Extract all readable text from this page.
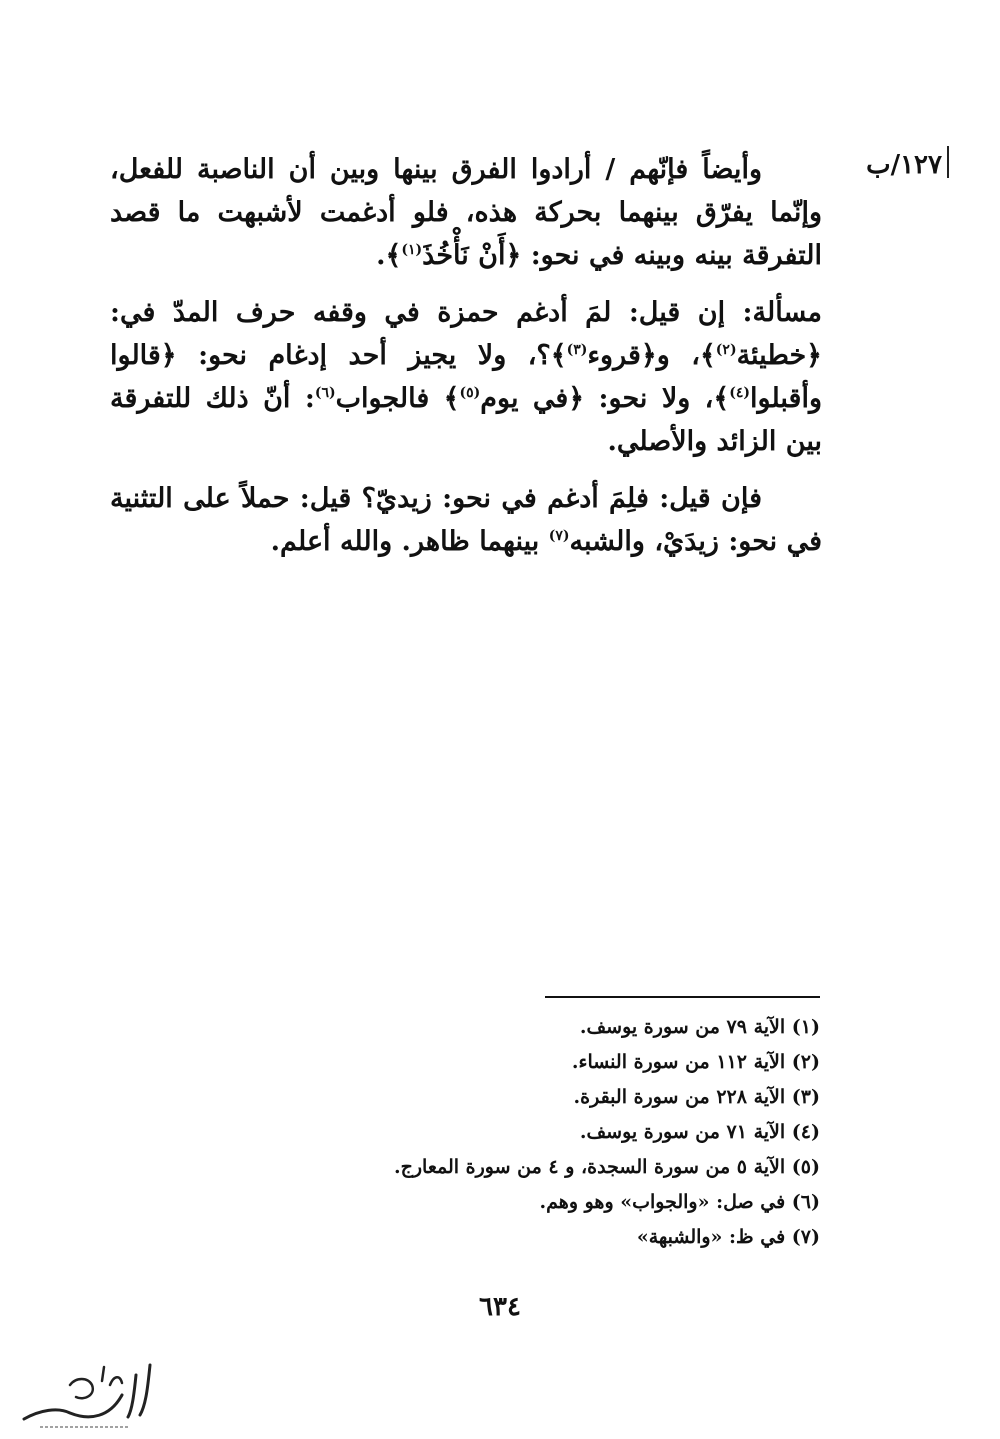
١٢٧/ب

وأيضاً فإنّهم / أرادوا الفرق بينها وبين أن الناصبة للفعل، وإنّما يفرّق بينهما بحركة هذه، فلو أدغمت لأشبهت ما قصد التفرقة بينه وبينه في نحو: ﴿أَنْ نَأْخُذَ$^{(١)}$﴾.

مسألة: إن قيل: لمَ أدغم حمزة في وقفه حرف المدّ في: ﴿خطيئة$^{(٢)}$﴾، و﴿قروء$^{(٣)}$﴾؟، ولا يجيز أحد إدغام نحو: ﴿قالوا وأقبلوا$^{(٤)}$﴾، ولا نحو: ﴿في يوم$^{(٥)}$﴾ فالجواب$^{(٦)}$: أنّ ذلك للتفرقة بين الزائد والأصلي.

فإن قيل: فلِمَ أدغم في نحو: زيديّ؟ قيل: حملاً على التثنية في نحو: زيدَيْ، والشبه$^{(٧)}$ بينهما ظاهر. والله أعلم.

(١) الآية ٧٩ من سورة يوسف.
(٢) الآية ١١٢ من سورة النساء.
(٣) الآية ٢٢٨ من سورة البقرة.
(٤) الآية ٧١ من سورة يوسف.
(٥) الآية ٥ من سورة السجدة، و ٤ من سورة المعارج.
(٦) في صل: «والجواب» وهو وهم.
(٧) في ظ: «والشبهة»
٦٣٤
